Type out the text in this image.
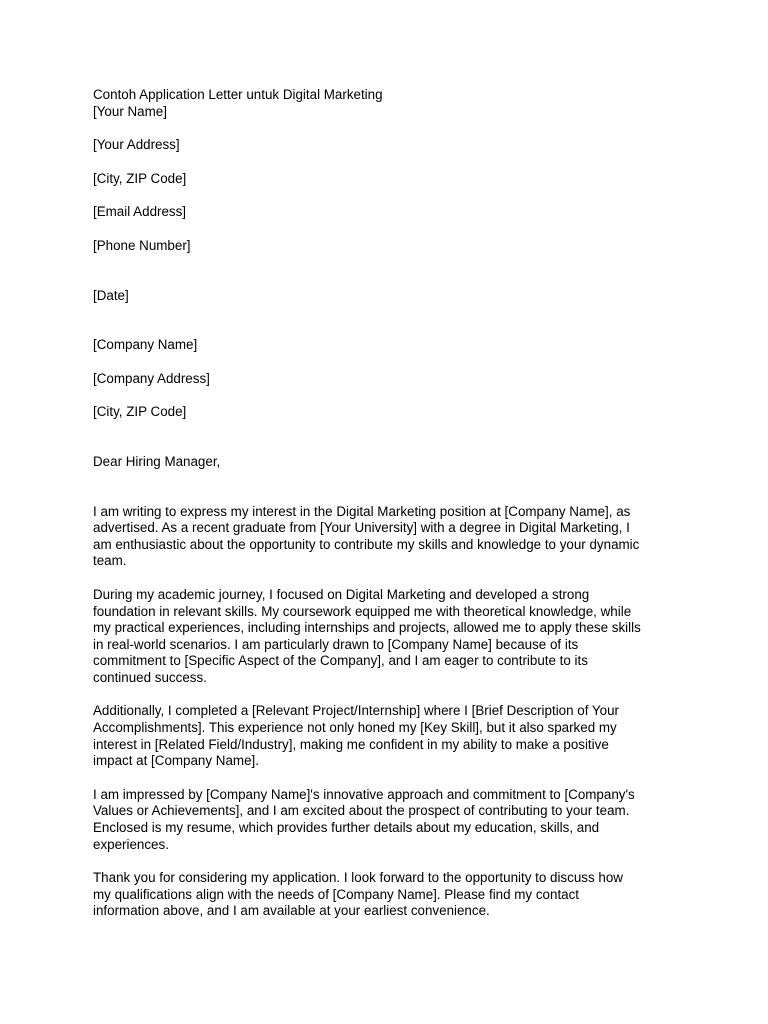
Contoh Application Letter untuk Digital Marketing
[Your Name]
[Your Address]
[City, ZIP Code]
[Email Address]
[Phone Number]
[Date]
[Company Name]
[Company Address]
[City, ZIP Code]
Dear Hiring Manager,

I am writing to express my interest in the Digital Marketing position at [Company Name], as
advertised. As a recent graduate from [Your University] with a degree in Digital Marketing, I
am enthusiastic about the opportunity to contribute my skills and knowledge to your dynamic
team.

During my academic journey, I focused on Digital Marketing and developed a strong
foundation in relevant skills. My coursework equipped me with theoretical knowledge, while
my practical experiences, including internships and projects, allowed me to apply these skills
in real-world scenarios. I am particularly drawn to [Company Name] because of its
commitment to [Specific Aspect of the Company], and I am eager to contribute to its
continued success.

Additionally, I completed a [Relevant Project/Internship] where I [Brief Description of Your
Accomplishments]. This experience not only honed my [Key Skill], but it also sparked my
interest in [Related Field/Industry], making me confident in my ability to make a positive
impact at [Company Name].

I am impressed by [Company Name]'s innovative approach and commitment to [Company's
Values or Achievements], and I am excited about the prospect of contributing to your team.
Enclosed is my resume, which provides further details about my education, skills, and
experiences.

Thank you for considering my application. I look forward to the opportunity to discuss how
my qualifications align with the needs of [Company Name]. Please find my contact
information above, and I am available at your earliest convenience.
